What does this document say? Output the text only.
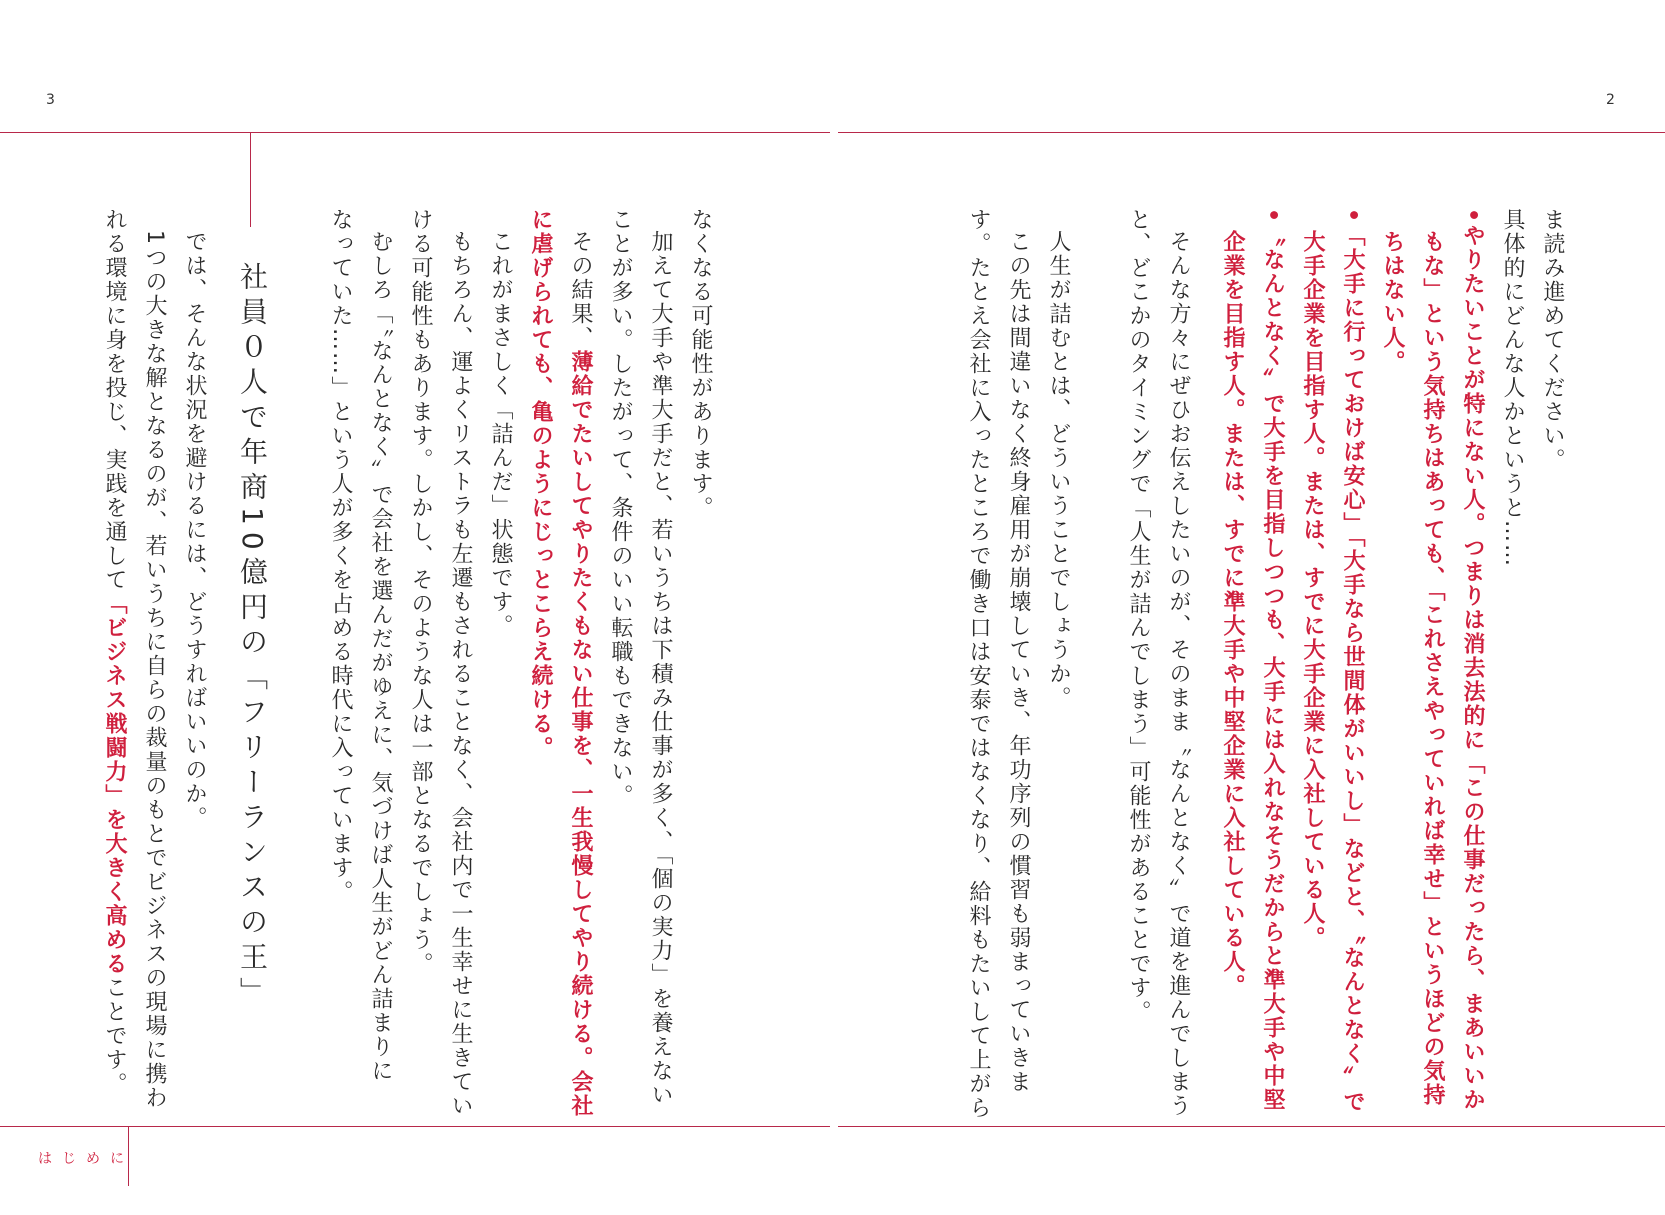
3	2
はじめに
ま読み進めてください。
具体的にどんな人かというと……
•やりたいことが特にない人。つまりは消去法的に「この仕事だったら、まあいいか
もな」という気持ちはあっても、「これさえやっていれば幸せ」というほどの気持
ちはない人。
•「大手に行っておけば安心」「大手なら世間体がいいし」などと、〝なんとなく〟で
大手企業を目指す人。または、すでに大手企業に入社している人。
•〝なんとなく〟で大手を目指しつつも、大手には入れなそうだからと準大手や中堅
企業を目指す人。または、すでに準大手や中堅企業に入社している人。
そんな方々にぜひお伝えしたいのが、そのまま〝なんとなく〟で道を進んでしまう
と、どこかのタイミングで「人生が詰んでしまう」可能性があることです。
人生が詰むとは、どういうことでしょうか。
この先は間違いなく終身雇用が崩壊していき、年功序列の慣習も弱まっていきま
す。たとえ会社に入ったところで働き口は安泰ではなくなり、給料もたいして上がら
なくなる可能性があります。
加えて大手や準大手だと、若いうちは下積み仕事が多く、「個の実力」を養えない
ことが多い。したがって、条件のいい転職もできない。
その結果、薄給でたいしてやりたくもない仕事を、一生我慢してやり続ける。会社
に虐げられても、亀のようにじっとこらえ続ける。
これがまさしく「詰んだ」状態です。
もちろん、運よくリストラも左遷もされることなく、会社内で一生幸せに生きてい
ける可能性もあります。しかし、そのような人は一部となるでしょう。
むしろ「〝なんとなく〟で会社を選んだがゆえに、気づけば人生がどん詰まりに
なっていた……」という人が多くを占める時代に入っています。
社員０人で年商10億円の「フリーランスの王」
では、そんな状況を避けるには、どうすればいいのか。
1つの大きな解となるのが、若いうちに自らの裁量のもとでビジネスの現場に携わ
れる環境に身を投じ、実践を通して「ビジネス戦闘力」を大きく高めることです。
